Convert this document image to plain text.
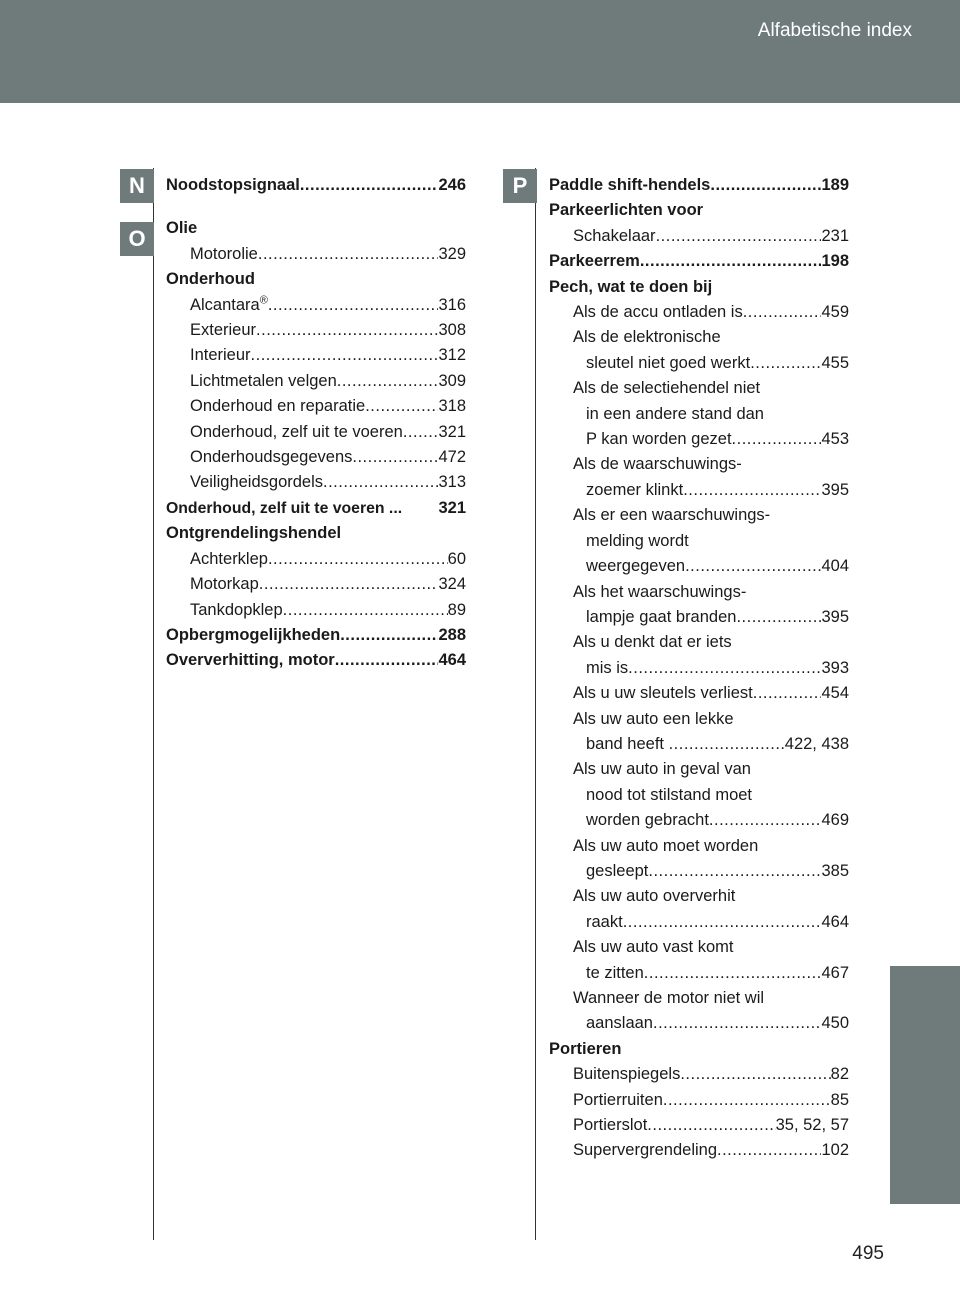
Alfabetische index
N
O
P
Noodstopsignaal .....	246
Olie
Motorolie .....	329
Onderhoud
Alcantara® .....	316
Exterieur .....	308
Interieur .....	312
Lichtmetalen velgen .....	309
Onderhoud en reparatie .....	318
Onderhoud, zelf uit te voeren ..... 321
Onderhoudsgegevens .....	472
Veiligheidsgordels .....	313
Onderhoud, zelf uit te voeren ... 321
Ontgrendelingshendel
Achterklep .....	60
Motorkap .....	324
Tankdopklep .....	89
Opbergmogelijkheden .....	288
Oververhitting, motor .....	464
Paddle shift-hendels .....	189
Parkeerlichten voor
Schakelaar .....	231
Parkeerrem .....	198
Pech, wat te doen bij
Als de accu ontladen is .....	459
Als de elektronische
sleutel niet goed werkt .....	455
Als de selectiehendel niet
in een andere stand dan
P kan worden gezet .....	453
Als de waarschuwings-
zoemer klinkt .....	395
Als er een waarschuwings-
melding wordt
weergegeven .....	404
Als het waarschuwings-
lampje gaat branden .....	395
Als u denkt dat er iets
mis is .....	393
Als u uw sleutels verliest .....	454
Als uw auto een lekke
band heeft .....	422, 438
Als uw auto in geval van
nood tot stilstand moet
worden gebracht .....	469
Als uw auto moet worden
gesleept .....	385
Als uw auto oververhit
raakt .....	464
Als uw auto vast komt
te zitten .....	467
Wanneer de motor niet wil
aanslaan .....	450
Portieren
Buitenspiegels .....	82
Portierruiten .....	85
Portierslot .....	35, 52, 57
Supervergrendeling .....	102
495
